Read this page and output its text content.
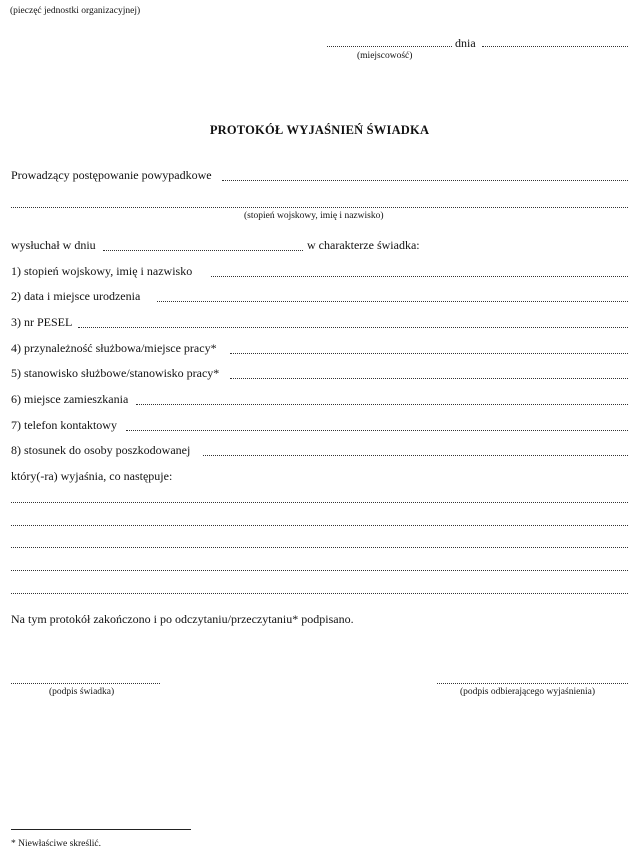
(pieczęć jednostki organizacyjnej)
dnia
(miejscowość)
PROTOKÓŁ WYJAŚNIEŃ ŚWIADKA
Prowadzący postępowanie powypadkowe
(stopień wojskowy, imię i nazwisko)
wysłuchał w dniu	w charakterze świadka:
1) stopień wojskowy, imię i nazwisko
2) data i miejsce urodzenia
3) nr PESEL
4) przynależność służbowa/miejsce pracy*
5) stanowisko służbowe/stanowisko pracy*
6) miejsce zamieszkania
7) telefon kontaktowy
8) stosunek do osoby poszkodowanej
który(-ra) wyjaśnia, co następuje:
Na tym protokół zakończono i po odczytaniu/przeczytaniu* podpisano.
(podpis świadka)	(podpis odbierającego wyjaśnienia)
* Niewłaściwe skreślić.
